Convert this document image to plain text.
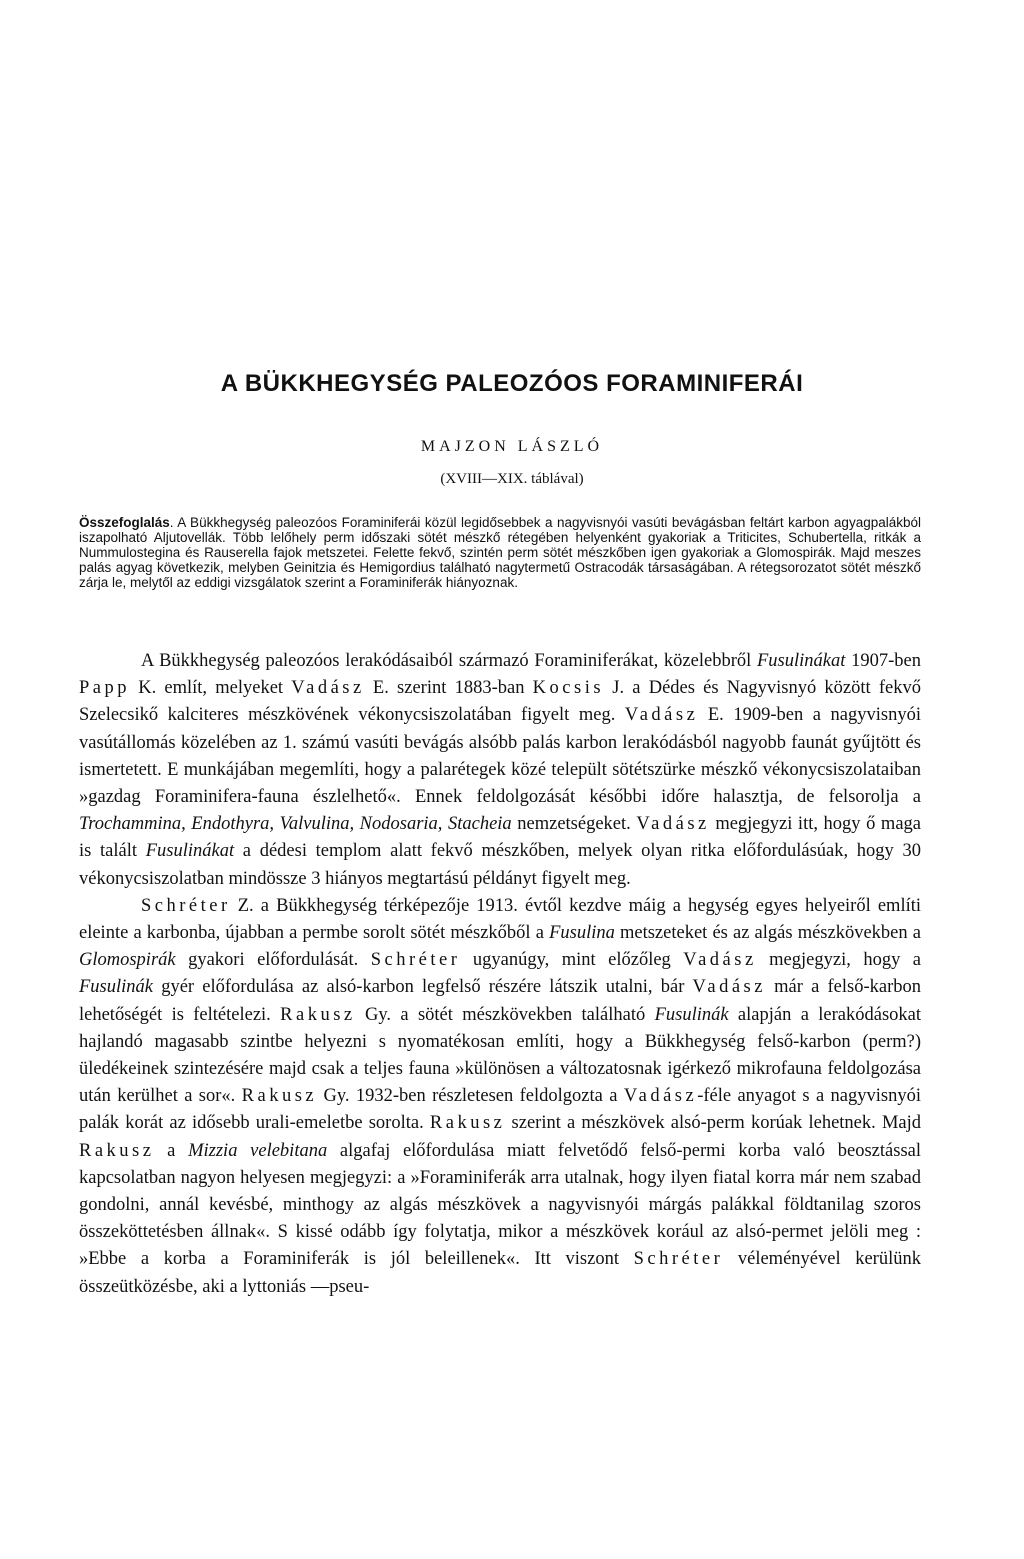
A BÜKKHEGYSÉG PALEOZÓOS FORAMINIFERÁI
MAJZON LÁSZLÓ
(XVIII—XIX. táblával)

Összefoglalás. A Bükkhegység paleozóos Foraminiferái közül legidősebbek a nagyvisnyói vasúti bevágásban feltárt karbon agyagpalákból iszapolható Aljutovellák. Több lelőhely perm időszaki sötét mészkő rétegében helyenként gyakoriak a Triticites, Schubertella, ritkák a Nummulostegina és Rauserella fajok metszetei. Felette fekvő, szintén perm sötét mészkőben igen gyakoriak a Glomospirák. Majd meszes palás agyag következik, melyben Geinitzia és Hemigordius található nagytermetű Ostracodák társaságában. A rétegsorozatot sötét mészkő zárja le, melytől az eddigi vizsgálatok szerint a Foraminiferák hiányoznak.

A Bükkhegység paleozóos lerakódásaiból származó Foraminiferákat, közelebbről Fusulinákat 1907-ben Papp K. említ, melyeket Vadász E. szerint 1883-ban Kocsis J. a Dédes és Nagyvisnyó között fekvő Szelecsikő kalciteres mészkövének vékonycsiszolatában figyelt meg. Vadász E. 1909-ben a nagyvisnyói vasútállomás közelében az 1. számú vasúti bevágás alsóbb palás karbon lerakódásból nagyobb faunát gyűjtött és ismertetett. E munkájában megemlíti, hogy a palarétegek közé települt sötétszürke mészkő vékonycsiszolataiban »gazdag Foraminifera-fauna észlelhető«. Ennek feldolgozását későbbi időre halasztja, de felsorolja a Trochammina, Endothyra, Valvulina, Nodosaria, Stacheia nemzetségeket. Vadász megjegyzi itt, hogy ő maga is talált Fusulinákat a dédesi templom alatt fekvő mészkőben, melyek olyan ritka előfordulásúak, hogy 30 vékonycsiszolatban mindössze 3 hiányos megtartású példányt figyelt meg.

Schréter Z. a Bükkhegység térképezője 1913. évtől kezdve máig a hegység egyes helyeiről említi eleinte a karbonba, újabban a permbe sorolt sötét mészkőből a Fusulina metszeteket és az algás mészkövekben a Glomospirák gyakori előfordulását. Schréter ugyanúgy, mint előzőleg Vadász megjegyzi, hogy a Fusulinák gyér előfordulása az alsó-karbon legfelső részére látszik utalni, bár Vadász már a felső-karbon lehetőségét is feltételezi. Rakusz Gy. a sötét mészkövekben található Fusulinák alapján a lerakódásokat hajlandó magasabb szintbe helyezni s nyomatékosan említi, hogy a Bükkhegység felső-karbon (perm?) üledékeinek szintezésére majd csak a teljes fauna »különösen a változatosnak igérkező mikrofauna feldolgozása után kerülhet a sor«. Rakusz Gy. 1932-ben részletesen feldolgozta a Vadász-féle anyagot s a nagyvisnyói palák korát az idősebb urali-emeletbe sorolta. Rakusz szerint a mészkövek alsó-perm korúak lehetnek. Majd Rakusz a Mizzia velebitana algafaj előfordulása miatt felvetődő felső-permi korba való beosztással kapcsolatban nagyon helyesen megjegyzi: a »Foraminiferák arra utalnak, hogy ilyen fiatal korra már nem szabad gondolni, annál kevésbé, minthogy az algás mészkövek a nagyvisnyói márgás palákkal földtanilag szoros összeköttetésben állnak«. S kissé odább így folytatja, mikor a mészkövek korául az alsó-permet jelöli meg : »Ebbe a korba a Foraminiferák is jól beleillenek«. Itt viszont Schréter véleményével kerülünk összeütközésbe, aki a lyttoniás —pseu-
